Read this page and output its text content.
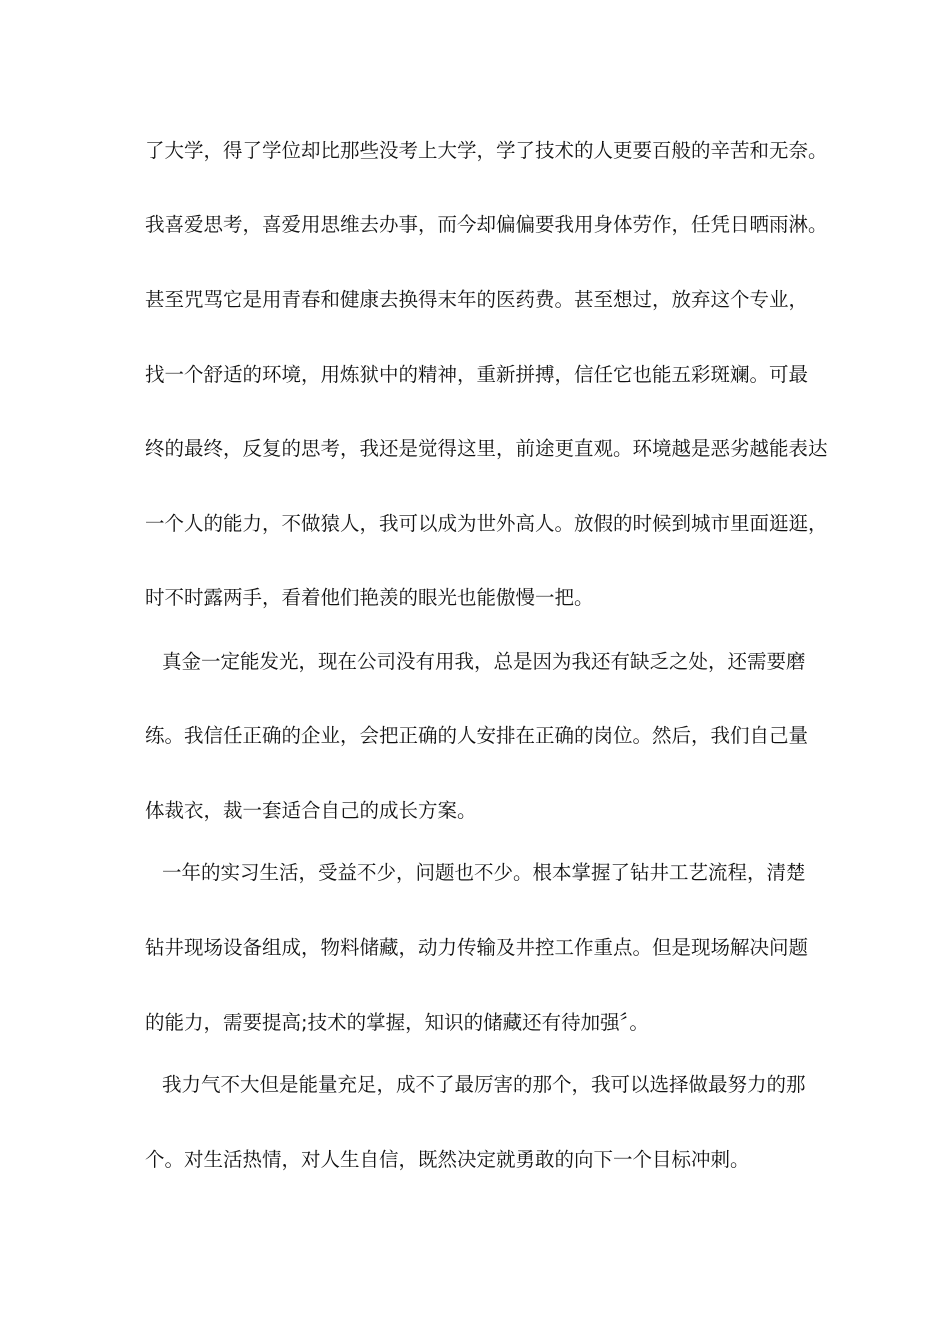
了大学，得了学位却比那些没考上大学，学了技术的人更要百般的辛苦和无奈。
我喜爱思考，喜爱用思维去办事，而今却偏偏要我用身体劳作，任凭日晒雨淋。
甚至咒骂它是用青春和健康去换得末年的医药费。甚至想过，放弃这个专业，
找一个舒适的环境，用炼狱中的精神，重新拼搏，信任它也能五彩斑斓。可最
终的最终，反复的思考，我还是觉得这里，前途更直观。环境越是恶劣越能表达
一个人的能力，不做猿人，我可以成为世外高人。放假的时候到城市里面逛逛，
时不时露两手，看着他们艳羡的眼光也能傲慢一把。
真金一定能发光，现在公司没有用我，总是因为我还有缺乏之处，还需要磨
练。我信任正确的企业，会把正确的人安排在正确的岗位。然后，我们自己量
体裁衣，裁一套适合自己的成长方案。
一年的实习生活，受益不少，问题也不少。根本掌握了钻井工艺流程，清楚
钻井现场设备组成，物料储藏，动力传输及井控工作重点。但是现场解决问题
的能力，需要提高;技术的掌握，知识的储藏还有待加强〞。
我力气不大但是能量充足，成不了最厉害的那个，我可以选择做最努力的那
个。对生活热情，对人生自信，既然决定就勇敢的向下一个目标冲刺。
